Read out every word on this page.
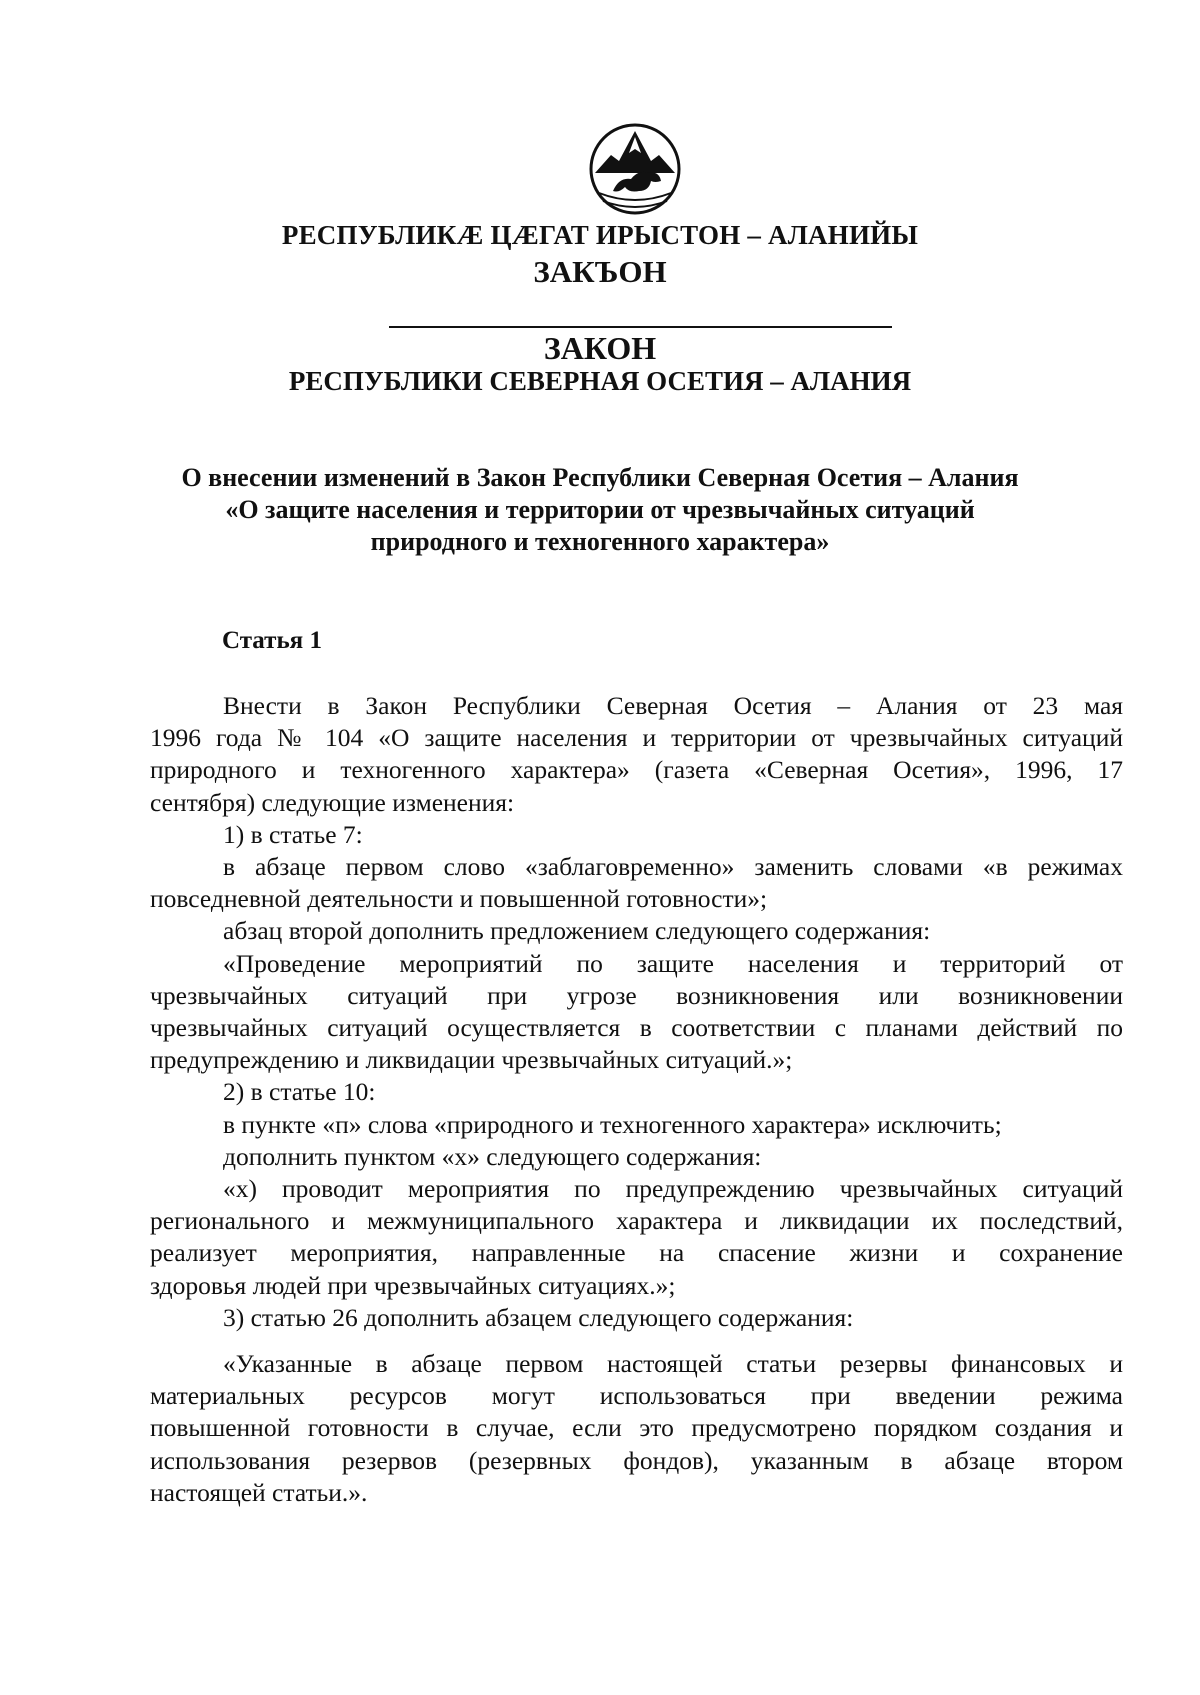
РЕСПУБЛИКӔ ЦӔГАТ ИРЫСТОН – АЛАНИЙЫ
ЗАКЪОН
ЗАКОН
РЕСПУБЛИКИ СЕВЕРНАЯ ОСЕТИЯ – АЛАНИЯ
О внесении изменений в Закон Республики Северная Осетия – Алания
«О защите населения и территории от чрезвычайных ситуаций
природного и техногенного характера»
Статья 1
Внести в Закон Республики Северная Осетия – Алания от 23 мая
1996 года № 104 «О защите населения и территории от чрезвычайных ситуаций
природного и техногенного характера» (газета «Северная Осетия», 1996, 17
сентября) следующие изменения:
1) в статье 7:
в абзаце первом слово «заблаговременно» заменить словами «в режимах
повседневной деятельности и повышенной готовности»;
абзац второй дополнить предложением следующего содержания:
«Проведение мероприятий по защите населения и территорий от
чрезвычайных ситуаций при угрозе возникновения или возникновении
чрезвычайных ситуаций осуществляется в соответствии с планами действий по
предупреждению и ликвидации чрезвычайных ситуаций.»;
2) в статье 10:
в пункте «п» слова «природного и техногенного характера» исключить;
дополнить пунктом «х» следующего содержания:
«х) проводит мероприятия по предупреждению чрезвычайных ситуаций
регионального и межмуниципального характера и ликвидации их последствий,
реализует мероприятия, направленные на спасение жизни и сохранение
здоровья людей при чрезвычайных ситуациях.»;
3) статью 26 дополнить абзацем следующего содержания:
«Указанные в абзаце первом настоящей статьи резервы финансовых и
материальных ресурсов могут использоваться при введении режима
повышенной готовности в случае, если это предусмотрено порядком создания и
использования резервов (резервных фондов), указанным в абзаце втором
настоящей статьи.».
